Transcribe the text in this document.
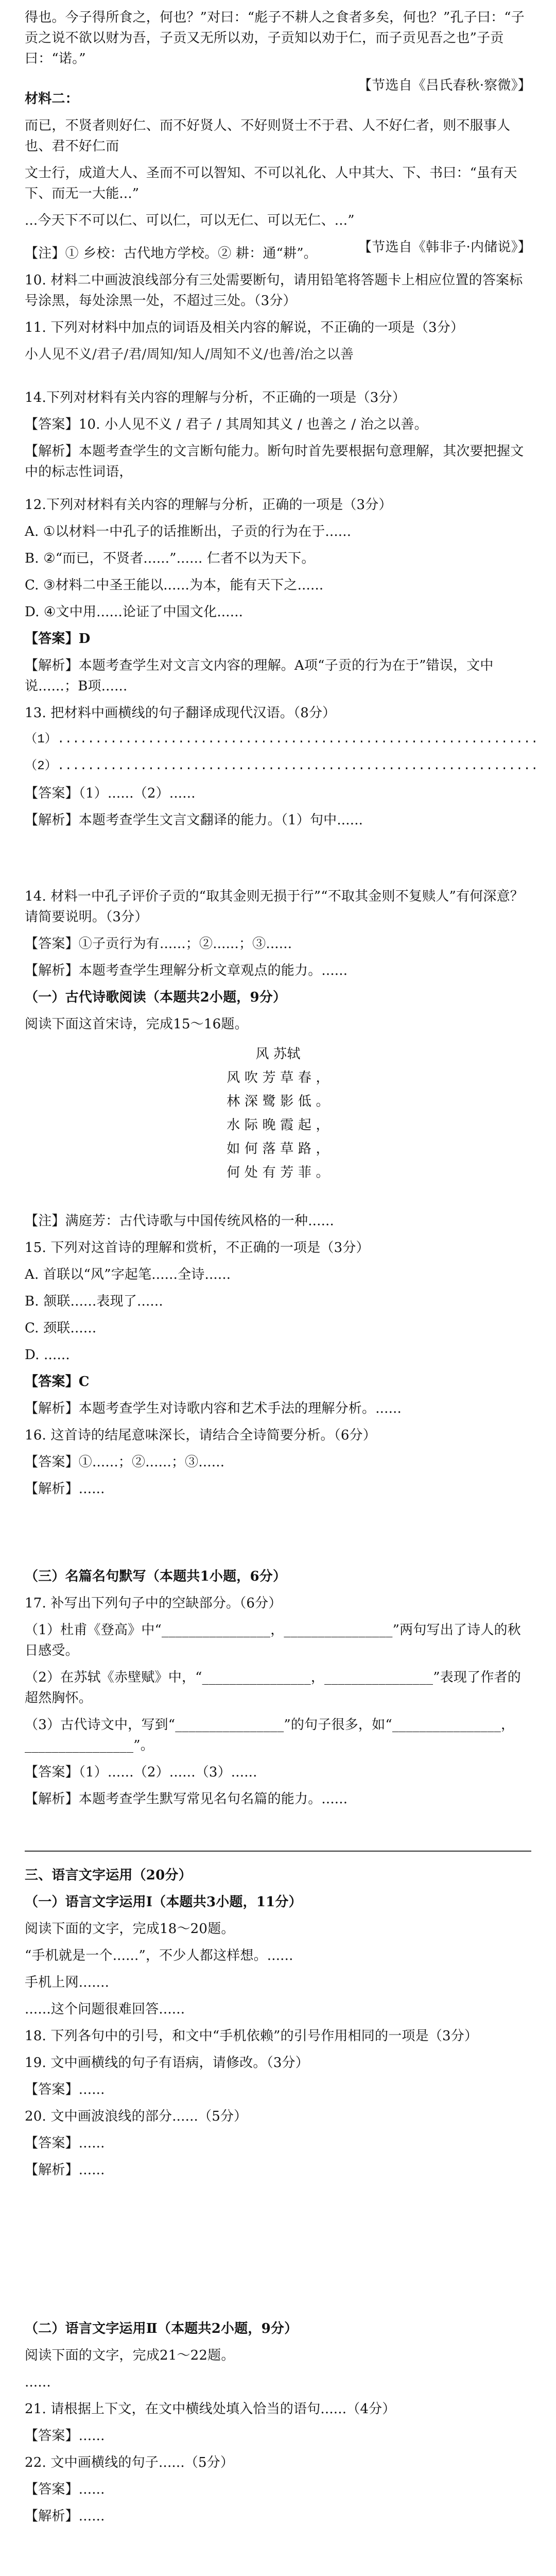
得也。今子得所食之，何也？”对曰：“彪子不耕人之食者多矣，何也？”孔子曰：“子贡之说不欲以财为吾，子贡又无所以劝，子贡知以劝于仁，而子贡见吾之也”子贡曰：“诺。”

【节选自《吕氏春秋·察微》】

材料二：

而已，不贤者则好仁、而不好贤人、不好则贤士不于君、人不好仁者，则不服事人也、君不好仁而

文士行，成道大人、圣而不可以智知、不可以礼化、人中其大、下、书曰：“虽有天下、而无一大能...”

...今天下不可以仁、可以仁，可以无仁、可以无仁、...”

【节选自《韩非子·内储说》】

【注】① 乡校：古代地方学校。② 耕：通“耕”。

10. 材料二中画波浪线部分有三处需要断句，请用铅笔将答题卡上相应位置的答案标号涂黑，每处涂黑一处，不超过三处。（3分）

11. 下列对材料中加点的词语及相关内容的解说，不正确的一项是（3分）

小人见不义/君子/君/周知/知人/周知不义/也善/治之以善

14.下列对材料有关内容的理解与分析，不正确的一项是（3分）

【答案】10. 小人见不义 / 君子 / 其周知其义 / 也善之 / 治之以善。

【解析】本题考查学生的文言断句能力。断句时首先要根据句意理解，其次要把握文中的标志性词语，

12.下列对材料有关内容的理解与分析，正确的一项是（3分）

A. ①以材料一中孔子的话推断出，子贡的行为在于......

B. ②“而已，不贤者......”...... 仁者不以为天下。

C. ③材料二中圣王能以......为本，能有天下之......

D. ④文中用......论证了中国文化......

【答案】D

【解析】本题考查学生对文言文内容的理解。A项“子贡的行为在于”错误，文中说......；B项......

13. 把材料中画横线的句子翻译成现代汉语。（8分）

（1）................................................................

（2）................................................................

【答案】（1）......（2）......

【解析】本题考查学生文言文翻译的能力。（1）句中......

14. 材料一中孔子评价子贡的“取其金则无损于行”“不取其金则不复赎人”有何深意？请简要说明。（3分）

【答案】①子贡行为有......；②......；③......

【解析】本题考查学生理解分析文章观点的能力。......

（一）古代诗歌阅读（本题共2小题，9分）

阅读下面这首宋诗，完成15～16题。

风 苏轼

风 吹 芳 草 春 ，

林 深 鹭 影 低 。

水 际 晚 霞 起 ，

如 何 落 草 路 ，

何 处 有 芳 菲 。

【注】满庭芳：古代诗歌与中国传统风格的一种......

15. 下列对这首诗的理解和赏析，不正确的一项是（3分）

A. 首联以“风”字起笔......全诗......

B. 颔联......表现了......

C. 颈联......

D. ......

【答案】C

【解析】本题考查学生对诗歌内容和艺术手法的理解分析。......

16. 这首诗的结尾意味深长，请结合全诗简要分析。（6分）

【答案】①......；②......；③......

【解析】......

（三）名篇名句默写（本题共1小题，6分）

17. 补写出下列句子中的空缺部分。（6分）

（1）杜甫《登高》中“________________，________________”两句写出了诗人的秋日感受。

（2）在苏轼《赤壁赋》中，“________________，________________”表现了作者的超然胸怀。

（3）古代诗文中，写到“________________”的句子很多，如“________________，________________”。

【答案】（1）......（2）......（3）......

【解析】本题考查学生默写常见名句名篇的能力。......

三、语言文字运用（20分）

（一）语言文字运用Ⅰ（本题共3小题，11分）

阅读下面的文字，完成18～20题。

“手机就是一个......”，不少人都这样想。......

手机上网.......

......这个问题很难回答......

18. 下列各句中的引号，和文中“手机依赖”的引号作用相同的一项是（3分）

19. 文中画横线的句子有语病，请修改。（3分）

【答案】......

20. 文中画波浪线的部分......（5分）

【答案】......

【解析】......

（二）语言文字运用Ⅱ（本题共2小题，9分）

阅读下面的文字，完成21～22题。

......

21. 请根据上下文，在文中横线处填入恰当的语句......（4分）

【答案】......

22. 文中画横线的句子......（5分）

【答案】......

【解析】......
